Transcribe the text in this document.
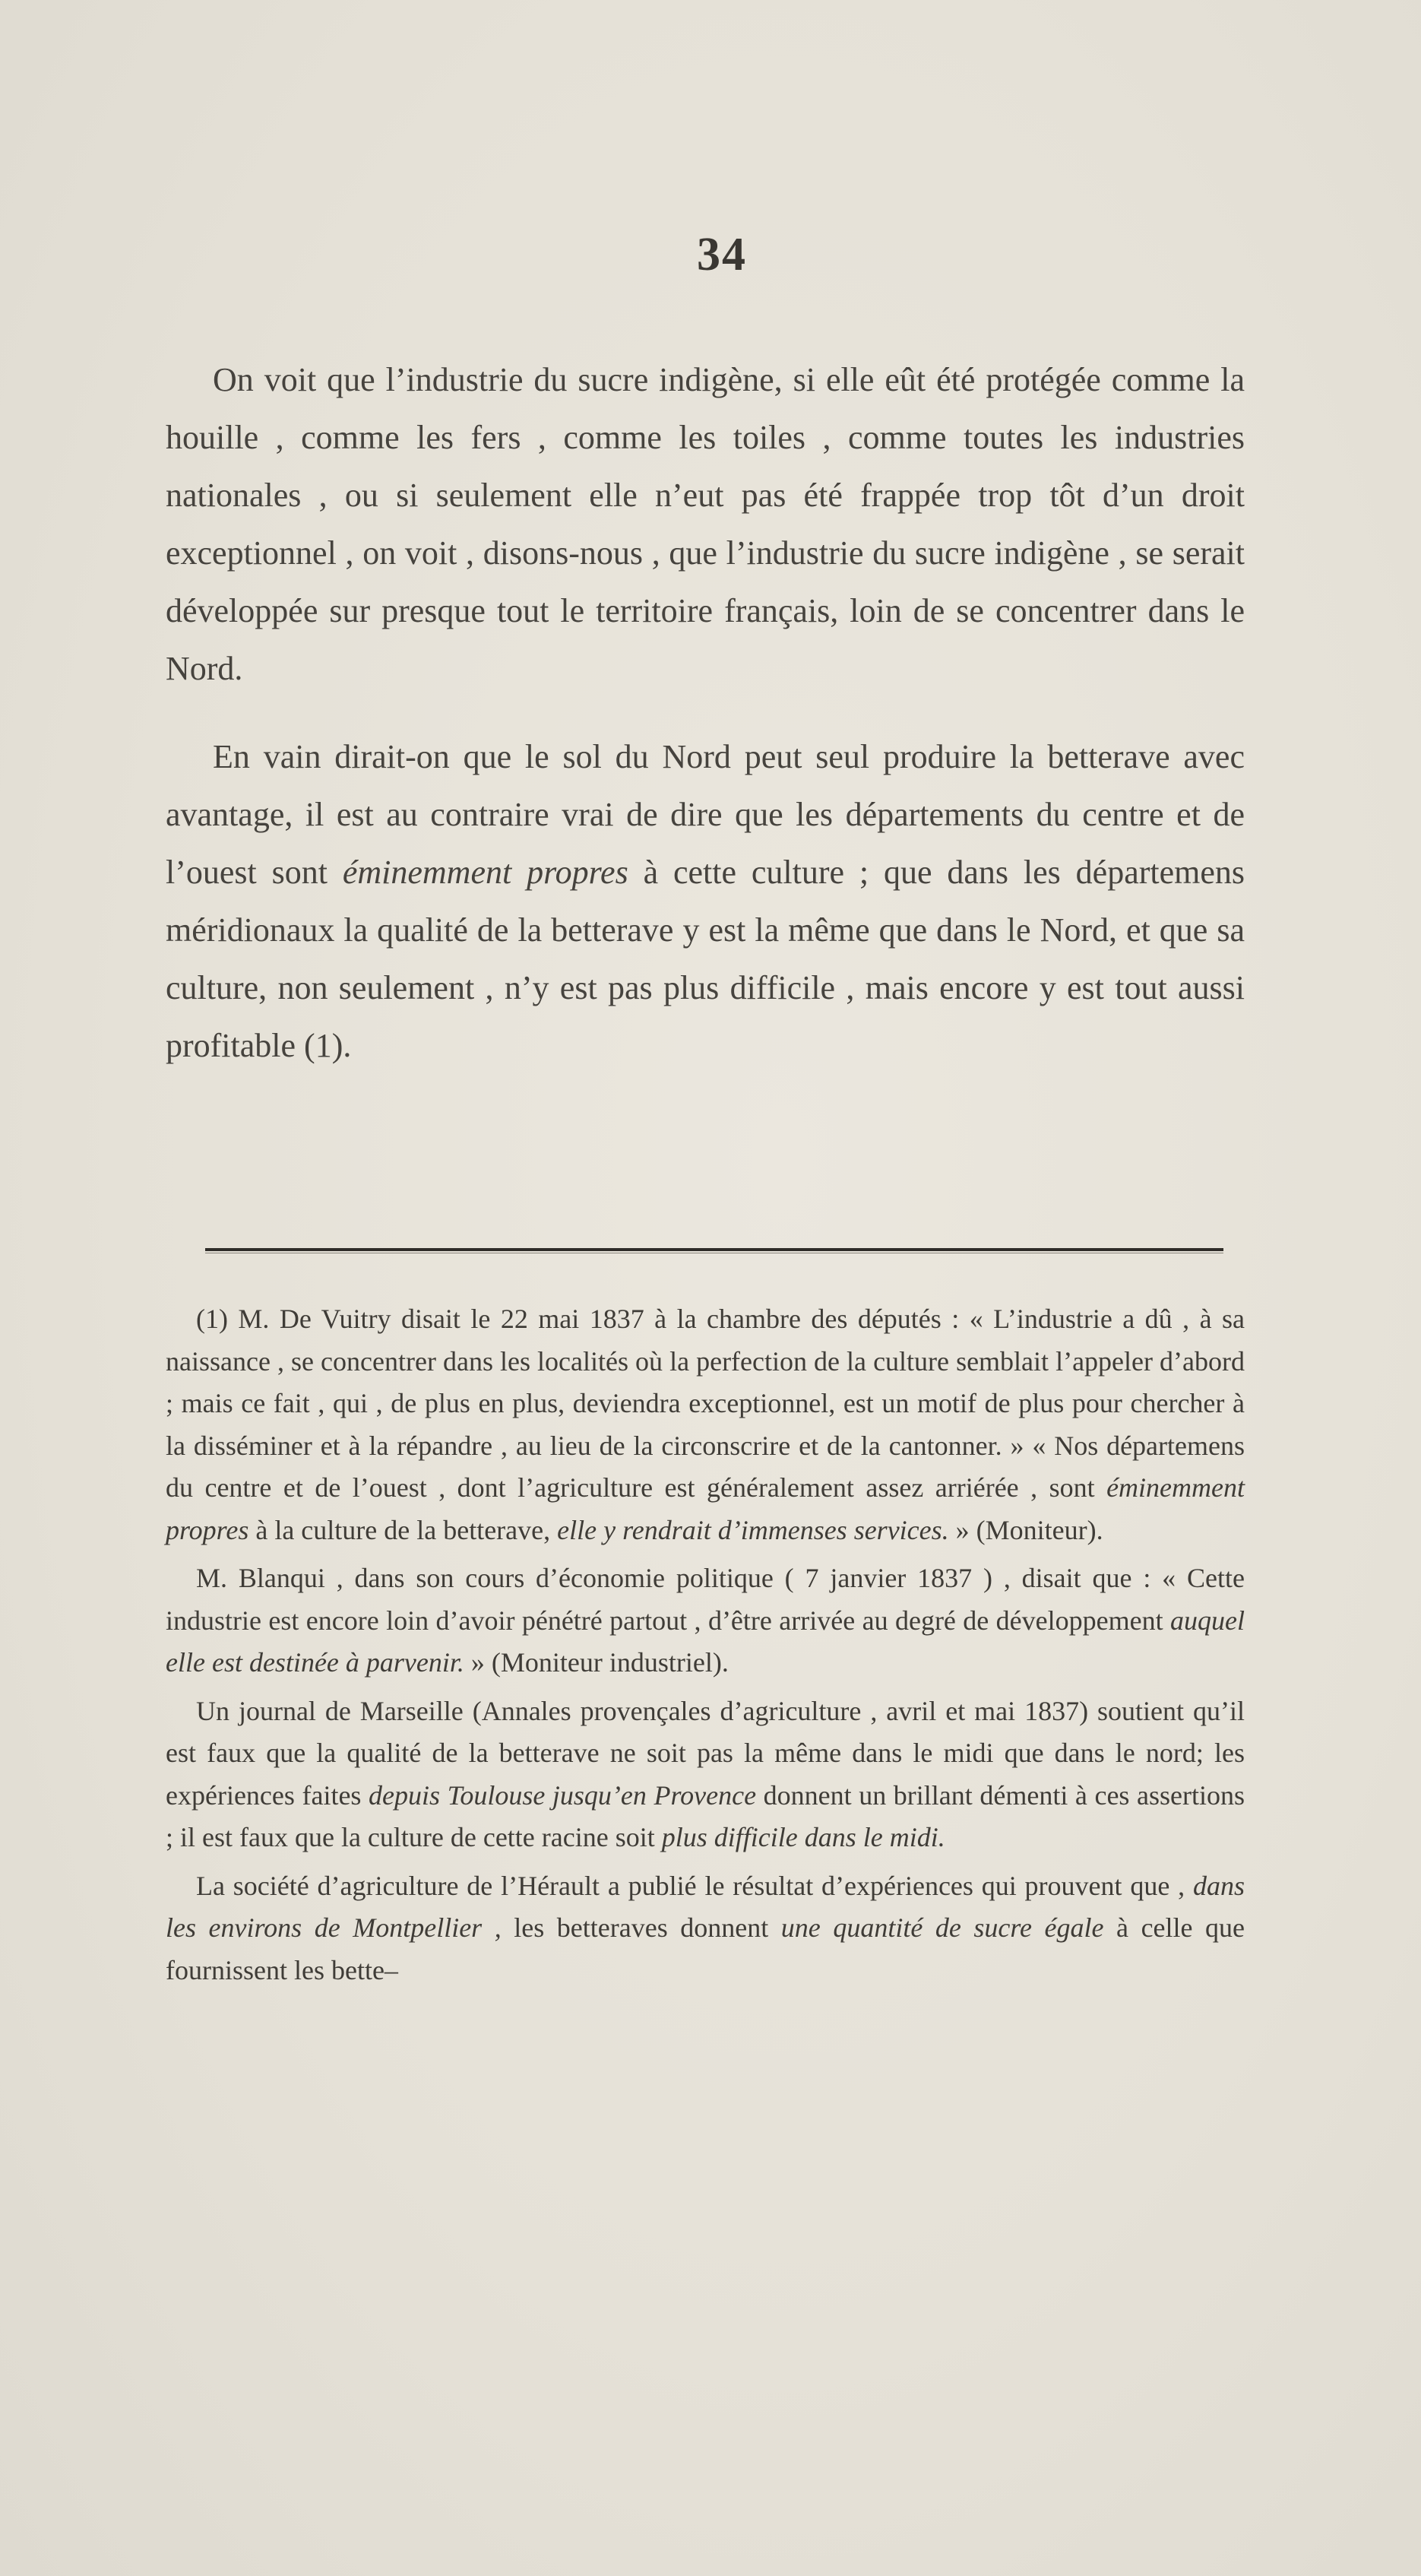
34

On voit que l’industrie du sucre indigène, si elle eût été protégée comme la houille , comme les fers , comme les toiles , comme toutes les industries nationales , ou si seulement elle n’eut pas été frappée trop tôt d’un droit exceptionnel , on voit , disons-nous , que l’industrie du sucre indigène , se serait développée sur presque tout le territoire français, loin de se concentrer dans le Nord.

En vain dirait-on que le sol du Nord peut seul produire la betterave avec avantage, il est au contraire vrai de dire que les départements du centre et de l’ouest sont éminemment propres à cette culture ; que dans les départemens méridionaux la qualité de la betterave y est la même que dans le Nord, et que sa culture, non seulement , n’y est pas plus difficile , mais encore y est tout aussi profitable (1).

(1) M. De Vuitry disait le 22 mai 1837 à la chambre des députés : « L’industrie a dû , à sa naissance , se concentrer dans les localités où la perfection de la culture semblait l’appeler d’abord ; mais ce fait , qui , de plus en plus, deviendra exceptionnel, est un motif de plus pour chercher à la disséminer et à la répandre , au lieu de la circonscrire et de la cantonner. » « Nos départemens du centre et de l’ouest , dont l’agriculture est généralement assez arriérée , sont éminemment propres à la culture de la betterave, elle y rendrait d’immenses services. » (Moniteur).

M. Blanqui , dans son cours d’économie politique ( 7 janvier 1837 ) , disait que : « Cette industrie est encore loin d’avoir pénétré partout , d’être arrivée au degré de développement auquel elle est destinée à parvenir. » (Moniteur industriel).

Un journal de Marseille (Annales provençales d’agriculture , avril et mai 1837) soutient qu’il est faux que la qualité de la betterave ne soit pas la même dans le midi que dans le nord; les expériences faites depuis Toulouse jusqu’en Provence donnent un brillant démenti à ces assertions ; il est faux que la culture de cette racine soit plus difficile dans le midi.

La société d’agriculture de l’Hérault a publié le résultat d’expériences qui prouvent que , dans les environs de Montpellier , les betteraves donnent une quantité de sucre égale à celle que fournissent les bette–
